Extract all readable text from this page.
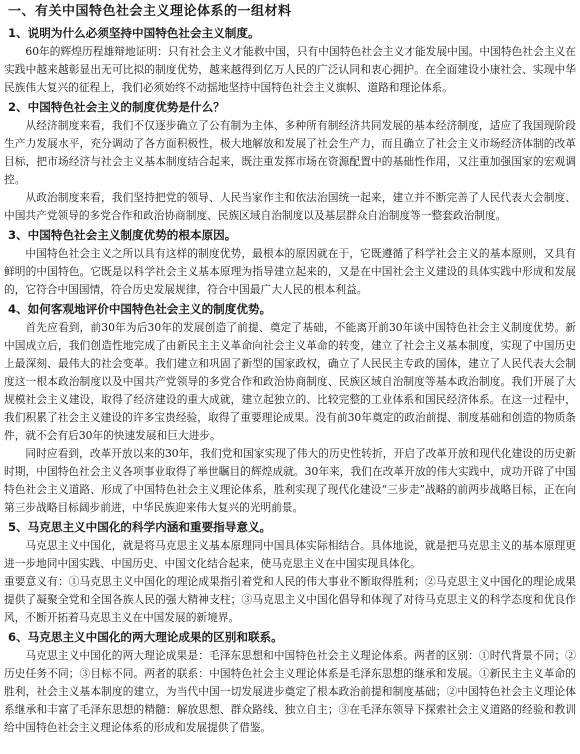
一、有关中国特色社会主义理论体系的一组材料
1、说明为什么必须坚持中国特色社会主义制度。

60年的辉煌历程雄辩地证明：只有社会主义才能救中国，只有中国特色社会主义才能发展中国。中国特色社会主义在实践中越来越彰显出无可比拟的制度优势，越来越得到亿万人民的广泛认同和衷心拥护。在全面建设小康社会、实现中华民族伟大复兴的征程上，我们必须始终不动摇地坚持中国特色社会主义旗帜、道路和理论体系。

2、中国特色社会主义的制度优势是什么？

从经济制度来看，我们不仅逐步确立了公有制为主体、多种所有制经济共同发展的基本经济制度，适应了我国现阶段生产力发展水平，充分调动了各方面积极性，极大地解放和发展了社会生产力，而且确立了社会主义市场经济体制的改革目标，把市场经济与社会主义基本制度结合起来，既注重发挥市场在资源配置中的基础性作用，又注重加强国家的宏观调控。

从政治制度来看，我们坚持把党的领导、人民当家作主和依法治国统一起来，建立并不断完善了人民代表大会制度、中国共产党领导的多党合作和政治协商制度、民族区域自治制度以及基层群众自治制度等一整套政治制度。

3、中国特色社会主义制度优势的根本原因。

中国特色社会主义之所以具有这样的制度优势，最根本的原因就在于，它既遵循了科学社会主义的基本原则，又具有鲜明的中国特色。它既是以科学社会主义基本原理为指导建立起来的，又是在中国社会主义建设的具体实践中形成和发展的，它符合中国国情，符合历史发展规律，符合中国最广大人民的根本利益。

4、如何客观地评价中国特色社会主义的制度优势。

首先应看到，前30年为后30年的发展创造了前提、奠定了基础，不能离开前30年谈中国特色社会主义制度优势。新中国成立后，我们创造性地完成了由新民主主义革命向社会主义革命的转变，建立了社会主义基本制度，实现了中国历史上最深刻、最伟大的社会变革。我们建立和巩固了新型的国家政权，确立了人民民主专政的国体，建立了人民代表大会制度这一根本政治制度以及中国共产党领导的多党合作和政治协商制度、民族区域自治制度等基本政治制度。我们开展了大规模社会主义建设，取得了经济建设的重大成就，建立起独立的、比较完整的工业体系和国民经济体系。在这一过程中，我们积累了社会主义建设的许多宝贵经验，取得了重要理论成果。没有前30年奠定的政治前提、制度基础和创造的物质条件，就不会有后30年的快速发展和巨大进步。

同时应看到，改革开放以来的30年，我们党和国家实现了伟大的历史性转折，开启了改革开放和现代化建设的历史新时期，中国特色社会主义各项事业取得了举世瞩目的辉煌成就。30年来，我们在改革开放的伟大实践中，成功开辟了中国特色社会主义道路、形成了中国特色社会主义理论体系，胜利实现了现代化建设“三步走”战略的前两步战略目标，正在向第三步战略目标阔步前进，中华民族迎来伟大复兴的光明前景。

5、马克思主义中国化的科学内涵和重要指导意义。

马克思主义中国化，就是将马克思主义基本原理同中国具体实际相结合。具体地说，就是把马克思主义的基本原理更进一步地同中国实践、中国历史、中国文化结合起来，使马克思主义在中国实现具体化。

重要意义有：①马克思主义中国化的理论成果指引着党和人民的伟大事业不断取得胜利；②马克思主义中国化的理论成果提供了凝聚全党和全国各族人民的强大精神支柱；③马克思主义中国化倡导和体现了对待马克思主义的科学态度和优良作风，不断开拓着马克思主义在中国发展的新境界。

6、马克思主义中国化的两大理论成果的区别和联系。

马克思主义中国化的两大理论成果是：毛泽东思想和中国特色社会主义理论体系。两者的区别：①时代背景不同；②历史任务不同；③目标不同。两者的联系：中国特色社会主义理论体系是毛泽东思想的继承和发展。①新民主主义革命的胜利，社会主义基本制度的建立，为当代中国一切发展进步奠定了根本政治前提和制度基础；②中国特色社会主义理论体系继承和丰富了毛泽东思想的精髓：解放思想、群众路线、独立自主；③在毛泽东领导下探索社会主义道路的经验和教训给中国特色社会主义理论体系的形成和发展提供了借鉴。
